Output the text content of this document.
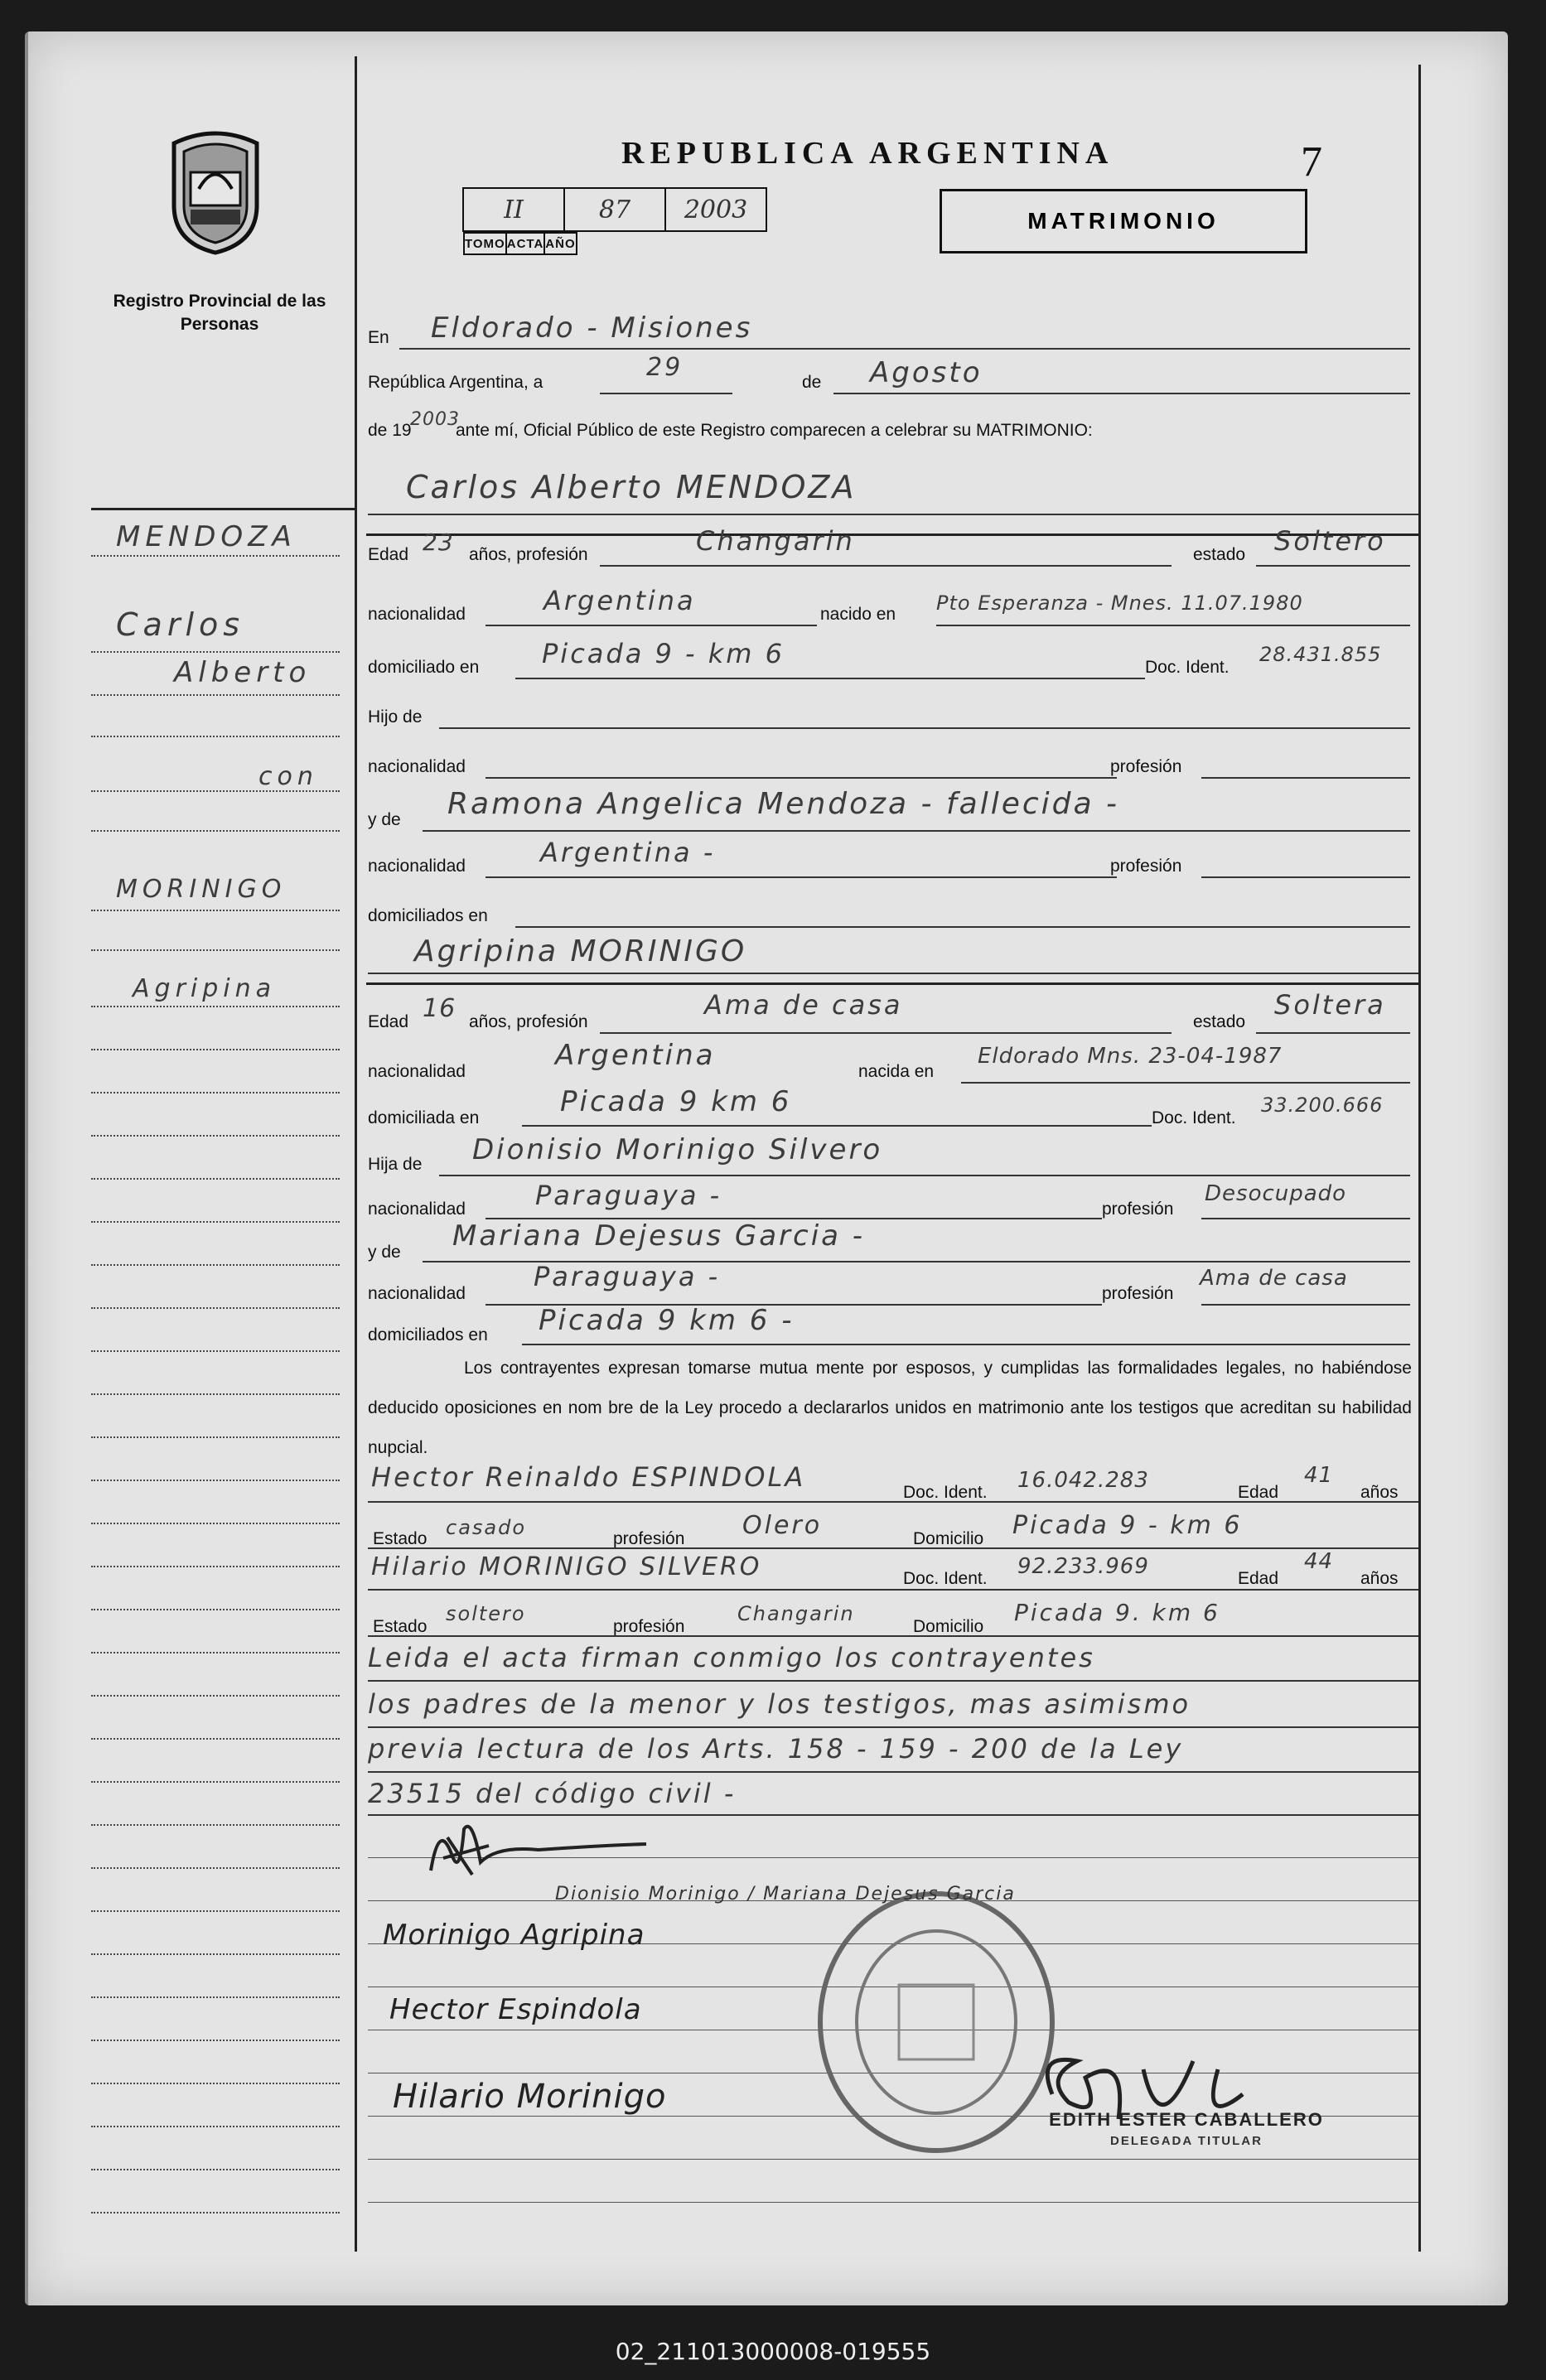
Registro Provincial de las Personas
REPUBLICA ARGENTINA	7
II	87	2003

TOMO	ACTA	AÑO
MATRIMONIO
En Eldorado - Misiones
República Argentina, a
29
de Agosto
de 19
2003
ante mí, Oficial Público de este Registro comparecen a celebrar su MATRIMONIO:
Carlos Alberto MENDOZA
Edad 23 años, profesión	Changarin	estado Soltero
nacionalidad	Argentina	nacido en Pto Esperanza - Mnes. 11.07.1980
domiciliado en Picada 9 - km 6	Doc. Ident.
28.431.855
Hijo de
nacionalidad	profesión
y de Ramona Angelica Mendoza - fallecida -
nacionalidad	Argentina -	profesión
domiciliados en
Agripina MORINIGO
Edad 16 años, profesión
Ama de casa
estado
Soltera
nacionalidad	Argentina	nacida en
Eldorado Mns. 23-04-1987
domiciliada en	Picada 9 km 6	Doc. Ident.
33.200.666
Hija de Dionisio Morinigo Silvero
nacionalidad	Paraguaya -	profesión
Desocupado
y de Mariana Dejesus Garcia -
nacionalidad
Paraguaya -
profesión
Ama de casa
domiciliados en Picada 9 km 6 -
Los contrayentes expresan tomarse mutua mente por esposos, y cumplidas las formalidades legales, no habiéndose deducido oposiciones en nom bre de la Ley procedo a declararlos unidos en matrimonio ante los testigos que acreditan su habilidad nupcial.
Hector Reinaldo ESPINDOLA	Doc. Ident. 16.042.283	Edad
41
años
Estado casado	profesión Olero	Domicilio Picada 9 - km 6
Hilario MORINIGO SILVERO	Doc. Ident. 92.233.969	Edad
44
años
Estado
soltero
profesión
Changarin
Domicilio
Picada 9. km 6
Leida el acta firman conmigo los contrayentes
los padres de la menor y los testigos, mas asimismo
previa lectura de los Arts. 158 - 159 - 200 de la Ley
23515 del código civil -
Dionisio Morinigo / Mariana Dejesus Garcia
Morinigo Agripina
Hector Espindola
Hilario Morinigo
EDITH ESTER CABALLERO
DELEGADA TITULAR
MENDOZA
Carlos
Alberto
con
MORINIGO
Agripina
02_211013000008-019555
